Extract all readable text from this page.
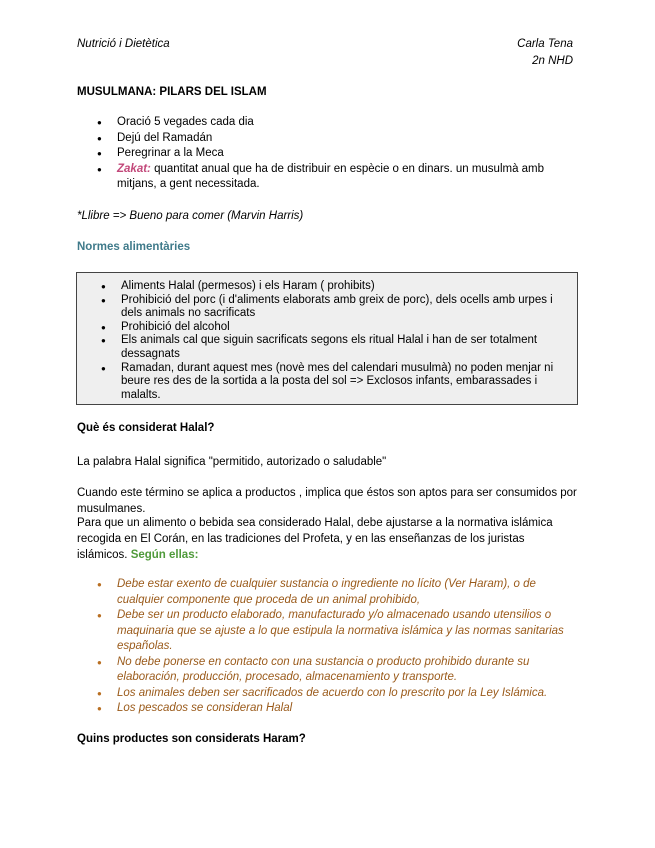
Nutrició i Dietètica	Carla Tena
2n NHD
MUSULMANA: PILARS DEL ISLAM
● Oració 5 vegades cada dia
● Dejú del Ramadán
● Peregrinar a la Meca
● Zakat: quantitat anual que ha de distribuir en espècie o en dinars. un musulmà amb mitjans, a gent necessitada.
*Llibre => Bueno para comer (Marvin Harris)
Normes alimentàries
● Aliments Halal (permesos) i els Haram ( prohibits)
● Prohibició del porc (i d'aliments elaborats amb greix de porc), dels ocells amb urpes i dels animals no sacrificats
● Prohibició del alcohol
● Els animals cal que siguin sacrificats segons els ritual Halal i han de ser totalment dessagnats
● Ramadan, durant aquest mes (novè mes del calendari musulmà) no poden menjar ni beure res des de la sortida a la posta del sol => Exclosos infants, embarassades i malalts.
Què és considerat Halal?
La palabra Halal significa "permitido, autorizado o saludable"
Cuando este término se aplica a productos , implica que éstos son aptos para ser consumidos por musulmanes.
Para que un alimento o bebida sea considerado Halal, debe ajustarse a la normativa islámica recogida en El Corán, en las tradiciones del Profeta, y en las enseñanzas de los juristas islámicos. Según ellas:
● Debe estar exento de cualquier sustancia o ingrediente no lícito (Ver Haram), o de cualquier componente que proceda de un animal prohibido,
● Debe ser un producto elaborado, manufacturado y/o almacenado usando utensilios o maquinaria que se ajuste a lo que estipula la normativa islámica y las normas sanitarias españolas.
● No debe ponerse en contacto con una sustancia o producto prohibido durante su elaboración, producción, procesado, almacenamiento y transporte.
● Los animales deben ser sacrificados de acuerdo con lo prescrito por la Ley Islámica.
● Los pescados se consideran Halal
Quins productes son considerats Haram?
